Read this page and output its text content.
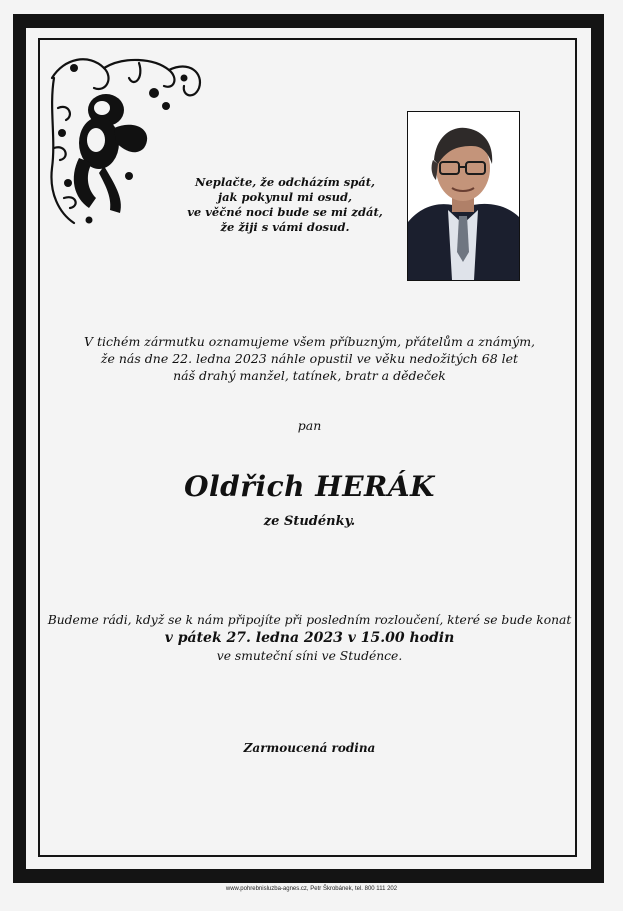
Neplačte, že odcházím spát,
jak pokynul mi osud,
ve věčné noci bude se mi zdát,
že žiji s vámi dosud.
V tichém zármutku oznamujeme všem příbuzným, přátelům a známým,
že nás dne 22. ledna 2023 náhle opustil ve věku nedožitých 68 let
náš drahý manžel, tatínek, bratr a dědeček
pan
Oldřich HERÁK
ze Studénky.
Budeme rádi, když se k nám připojíte při posledním rozloučení, které se bude konat
v pátek 27. ledna 2023 v 15.00 hodin
ve smuteční síni ve Studénce.
Zarmoucená rodina
www.pohrebnisluzba-agnes.cz, Petr Škrobánek, tel. 800 111 202
